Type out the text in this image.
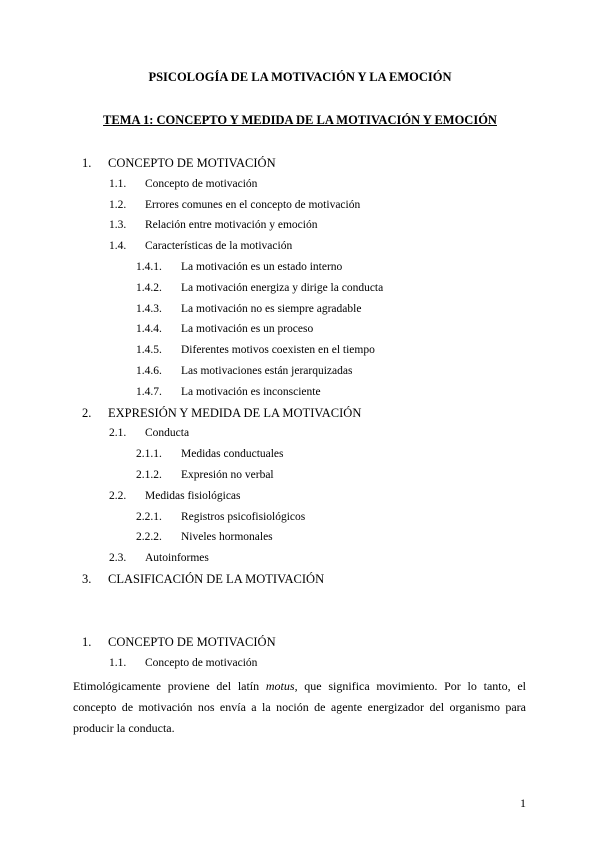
PSICOLOGÍA DE LA MOTIVACIÓN Y LA EMOCIÓN
TEMA 1: CONCEPTO Y MEDIDA DE LA MOTIVACIÓN Y EMOCIÓN
1. CONCEPTO DE MOTIVACIÓN
1.1. Concepto de motivación
1.2. Errores comunes en el concepto de motivación
1.3. Relación entre motivación y emoción
1.4. Características de la motivación
1.4.1. La motivación es un estado interno
1.4.2. La motivación energiza y dirige la conducta
1.4.3. La motivación no es siempre agradable
1.4.4. La motivación es un proceso
1.4.5. Diferentes motivos coexisten en el tiempo
1.4.6. Las motivaciones están jerarquizadas
1.4.7. La motivación es inconsciente
2. EXPRESIÓN Y MEDIDA DE LA MOTIVACIÓN
2.1. Conducta
2.1.1. Medidas conductuales
2.1.2. Expresión no verbal
2.2. Medidas fisiológicas
2.2.1. Registros psicofisiológicos
2.2.2. Niveles hormonales
2.3. Autoinformes
3. CLASIFICACIÓN DE LA MOTIVACIÓN
1. CONCEPTO DE MOTIVACIÓN
1.1. Concepto de motivación
Etimológicamente proviene del latín motus, que significa movimiento. Por lo tanto, el concepto de motivación nos envía a la noción de agente energizador del organismo para producir la conducta.
1
